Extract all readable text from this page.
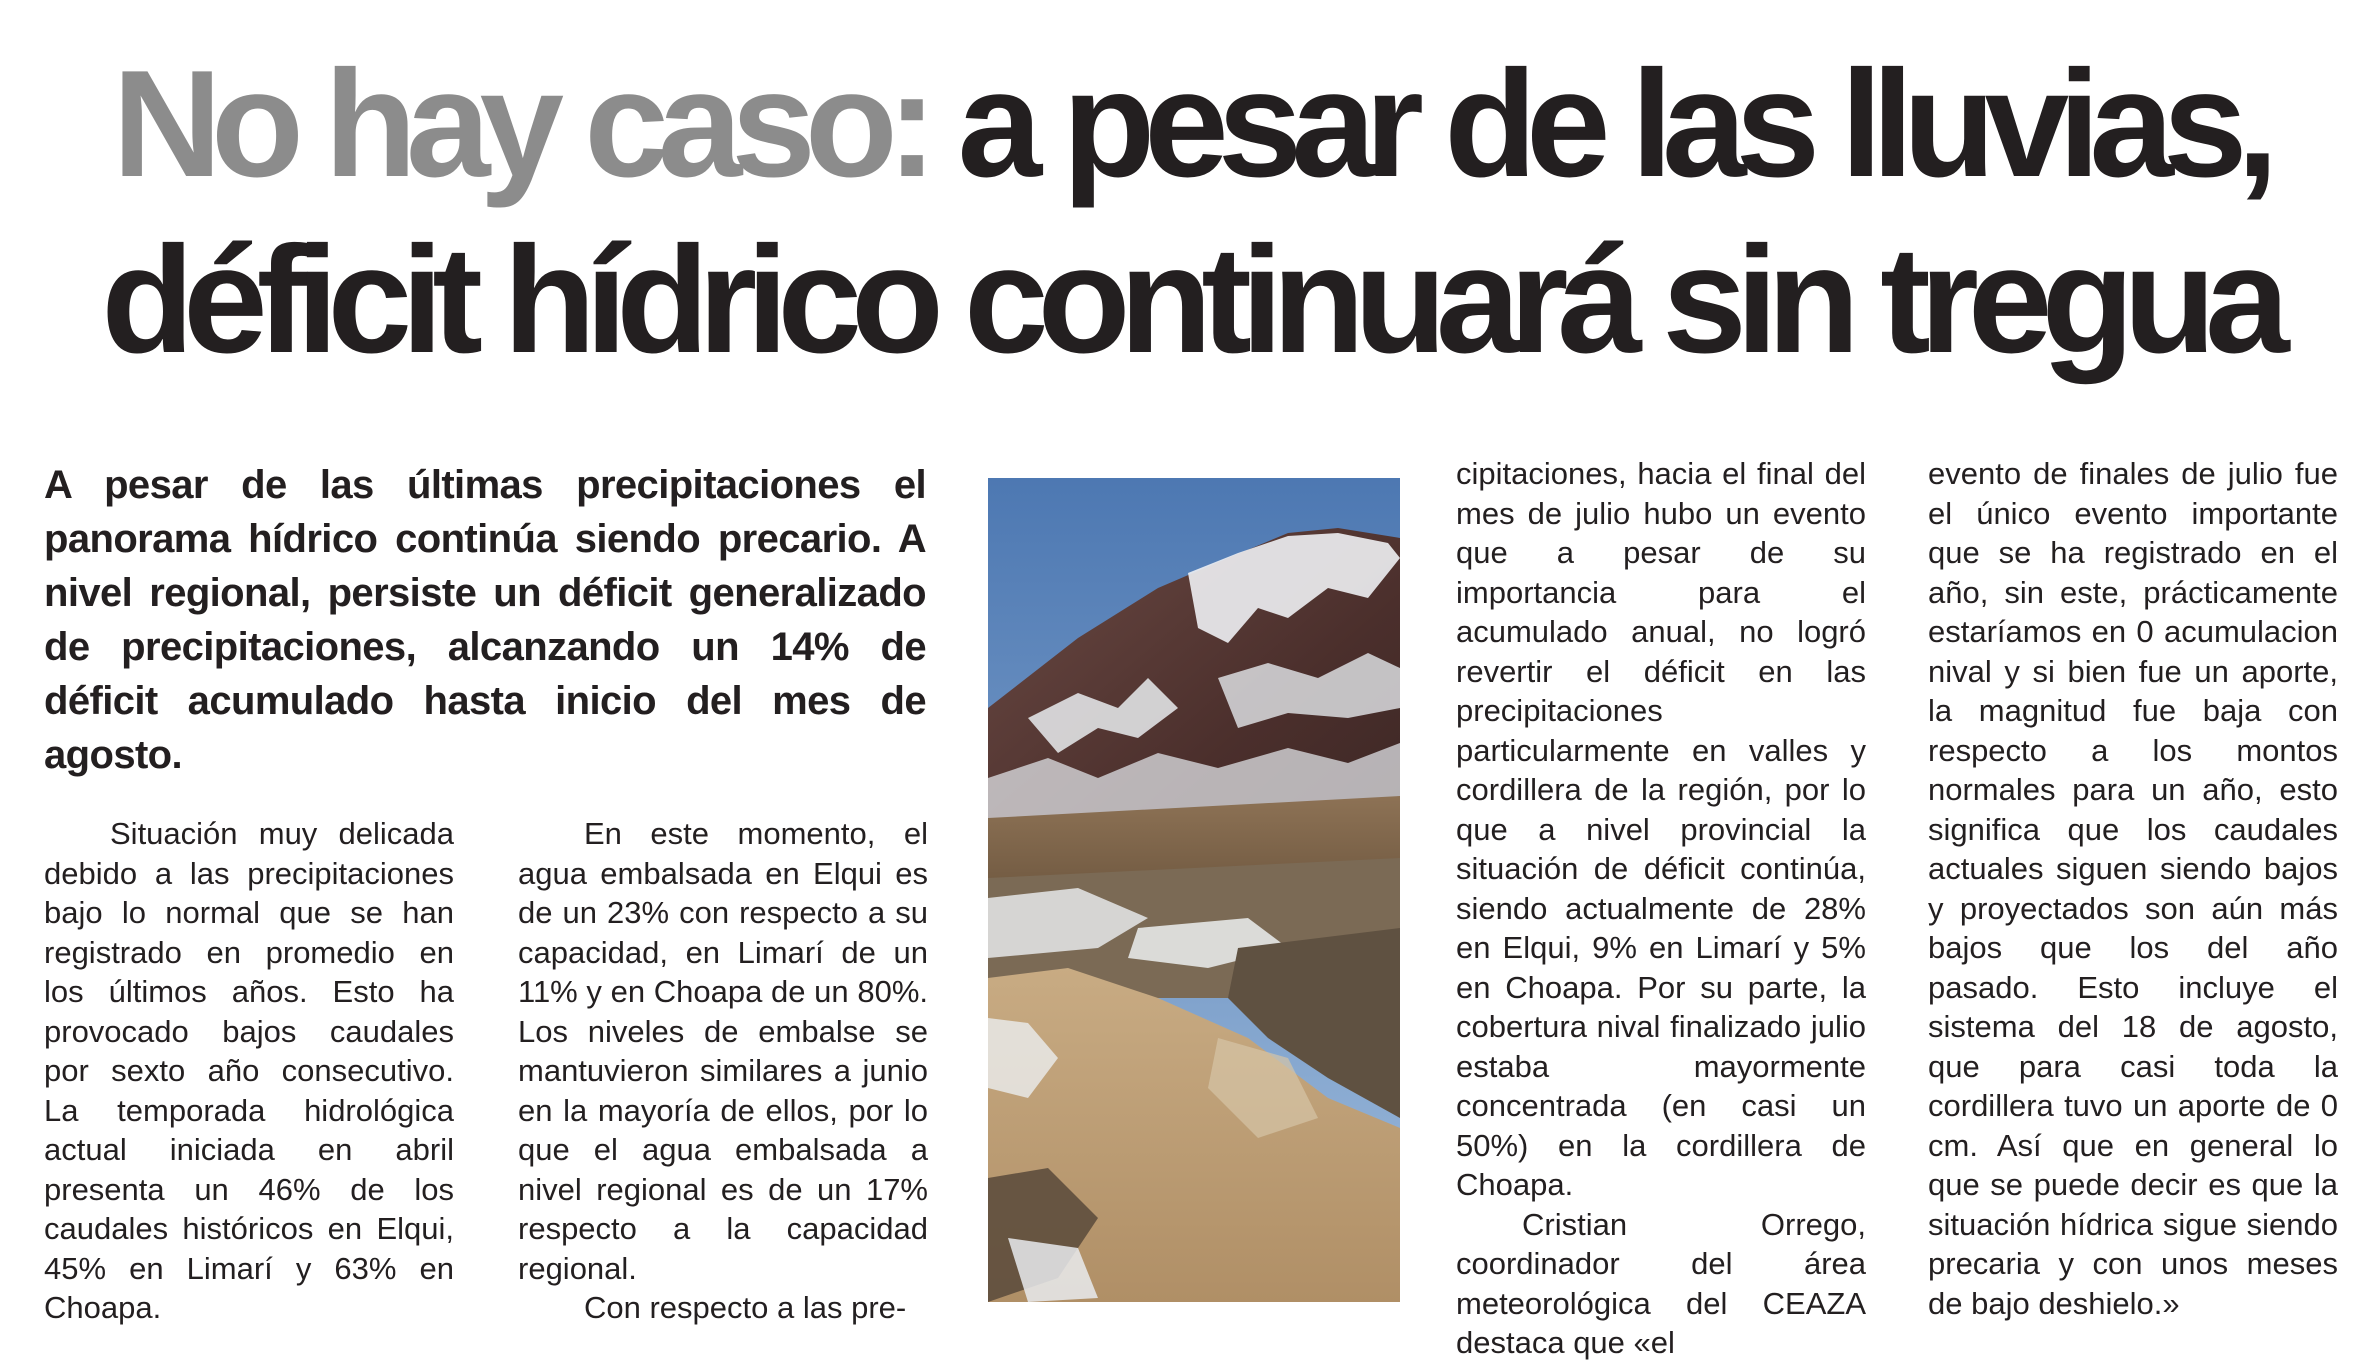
No hay caso: a pesar de las lluvias,
déficit hídrico continuará sin tregua

A pesar de las últimas precipitaciones el panorama hídrico continúa siendo precario. A nivel regional, persiste un déficit generalizado de precipitaciones, alcanzando un 14% de déficit acumulado hasta inicio del mes de agosto.

Situación muy delicada debido a las precipitaciones bajo lo normal que se han registrado en promedio en los últimos años. Esto ha provocado bajos caudales por sexto año consecutivo. La temporada hidrológica actual iniciada en abril presenta un 46% de los caudales históricos en Elqui, 45% en Limarí y 63% en Choapa.

En este momento, el agua embalsada en Elqui es de un 23% con respecto a su capacidad, en Limarí de un 11% y en Choapa de un 80%. Los niveles de embalse se mantuvieron similares a junio en la mayoría de ellos, por lo que el agua embalsada a nivel regional es de un 17% respecto a la capacidad regional.

Con respecto a las pre-

cipitaciones, hacia el final del mes de julio hubo un evento que a pesar de su importancia para el acumulado anual, no logró revertir el déficit en las precipitaciones particularmente en valles y cordillera de la región, por lo que a nivel provincial la situación de déficit continúa, siendo actualmente de 28% en Elqui, 9% en Limarí y 5% en Choapa. Por su parte, la cobertura nival finalizado julio estaba mayormente concentrada (en casi un 50%) en la cordillera de Choapa.

Cristian Orrego, coordinador del área meteorológica del CEAZA destaca que «el

evento de finales de julio fue el único evento importante que se ha registrado en el año, sin este, prácticamente estaríamos en 0 acumulacion nival y si bien fue un aporte, la magnitud fue baja con respecto a los montos normales para un año, esto significa que los caudales actuales siguen siendo bajos y proyectados son aún más bajos que los del año pasado. Esto incluye el sistema del 18 de agosto, que para casi toda la cordillera tuvo un aporte de 0 cm. Así que en general lo que se puede decir es que la situación hídrica sigue siendo precaria y con unos meses de bajo deshielo.»
